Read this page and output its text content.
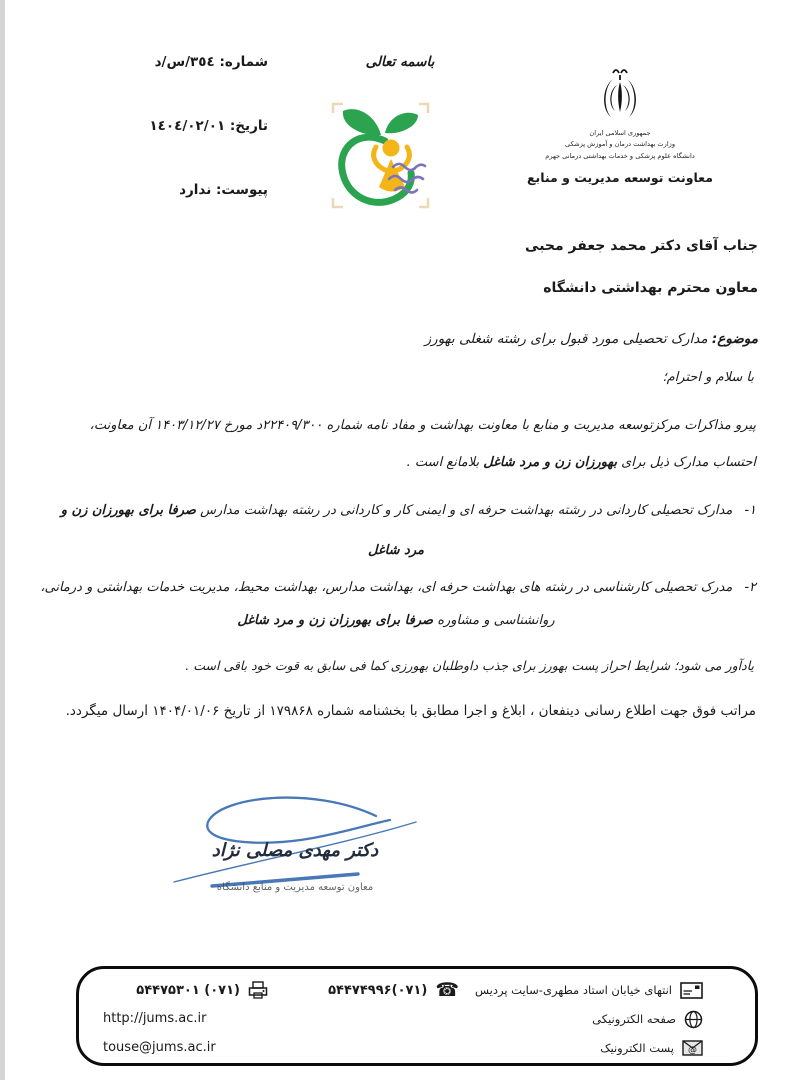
شماره: ٣٥٤/س/د
تاریخ: ١٤٠٤/٠٢/٠١
پیوست: ندارد
باسمه تعالی
جمهوری اسلامی ایران
وزارت بهداشت درمان و آموزش پزشکی
دانشگاه علوم پزشکی و خدمات بهداشتی درمانی جهرم
معاونت توسعه مدیریت و منابع
جناب آقای دکتر محمد جعفر محبی
معاون محترم بهداشتی دانشگاه
موضوع: مدارک تحصیلی مورد قبول برای رشته شغلی بهورز
با سلام و احترام؛
پیرو مذاکرات مرکزتوسعه مدیریت و منابع با معاونت بهداشت و مفاد نامه شماره ۲۲۴۰۹/۳۰۰د مورخ ۱۴۰۳/۱۲/۲۷ آن معاونت،
احتساب مدارک ذیل برای بهورزان زن و مرد شاغل بلامانع است .
۱-مدارک تحصیلی کاردانی در رشته بهداشت حرفه ای و ایمنی کار و کاردانی در رشته بهداشت مدارس صرفا برای بهورزان زن و
مرد شاغل
۲-مدرک تحصیلی کارشناسی در رشته های بهداشت حرفه ای، بهداشت مدارس، بهداشت محیط، مدیریت خدمات بهداشتی و درمانی،
روانشناسی و مشاوره صرفا برای بهورزان زن و مرد شاغل
یادآور می شود؛ شرایط احراز پست بهورز برای جذب داوطلبان بهورزی کما فی سابق به قوت خود باقی است .
مراتب فوق جهت اطلاع رسانی دینفعان ، ابلاغ و اجرا مطابق با بخشنامه شماره ۱۷۹۸۶۸ از تاریخ ۱۴۰۴/۰۱/۰۶ ارسال میگردد.
دکتر مهدی مصلی نژاد
معاون توسعه مدیریت و منابع دانشگاه
انتهای خیابان استاد مطهری-سایت پردیس
صفحه الکترونیکی
@
پست الکترونیک
☎
(۰۷۱)۵۴۴۷۴۹۹۶
(۰۷۱) ۵۴۴۷۵۳۰۱
http://jums.ac.ir
touse@jums.ac.ir
